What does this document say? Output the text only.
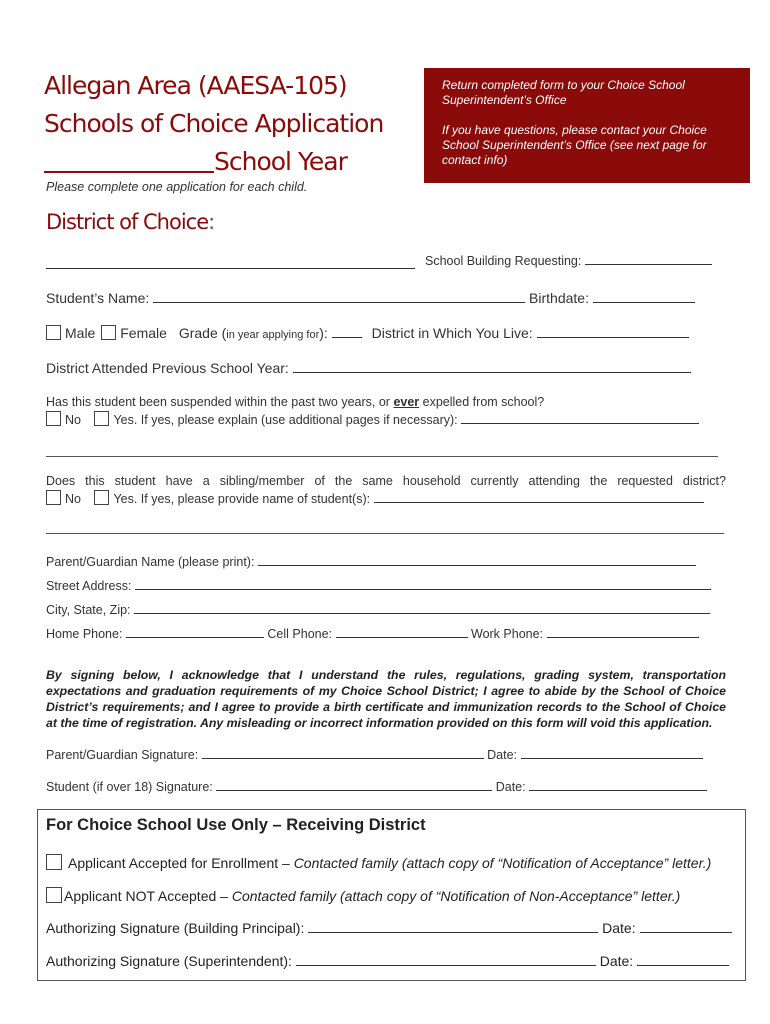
Allegan Area (AAESA-105)
Schools of Choice Application
School Year
Please complete one application for each child.
Return completed form to your Choice School Superintendent’s Office
If you have questions, please contact your Choice School Superintendent’s Office (see next page for contact info)
District of Choice:
School Building Requesting:
Student’s Name:	Birthdate:
Male Female Grade (in year applying for):	District in Which You Live:
District Attended Previous School Year:
Has this student been suspended within the past two years, or ever expelled from school?
No	Yes. If yes, please explain (use additional pages if necessary):
Does this student have a sibling/member of the same household currently attending the requested district?
No	Yes. If yes, please provide name of student(s):
Parent/Guardian Name (please print):
Street Address:
City, State, Zip:
Home Phone:	Cell Phone:	Work Phone:
By signing below, I acknowledge that I understand the rules, regulations, grading system, transportation expectations and graduation requirements of my Choice School District; I agree to abide by the School of Choice District’s requirements; and I agree to provide a birth certificate and immunization records to the School of Choice at the time of registration. Any misleading or incorrect information provided on this form will void this application.
Parent/Guardian Signature:	Date:
Student (if over 18) Signature:	Date:
For Choice School Use Only – Receiving District
Applicant Accepted for Enrollment – Contacted family (attach copy of “Notification of Acceptance” letter.)
Applicant NOT Accepted – Contacted family (attach copy of “Notification of Non-Acceptance” letter.)
Authorizing Signature (Building Principal):	Date:
Authorizing Signature (Superintendent):	Date:
